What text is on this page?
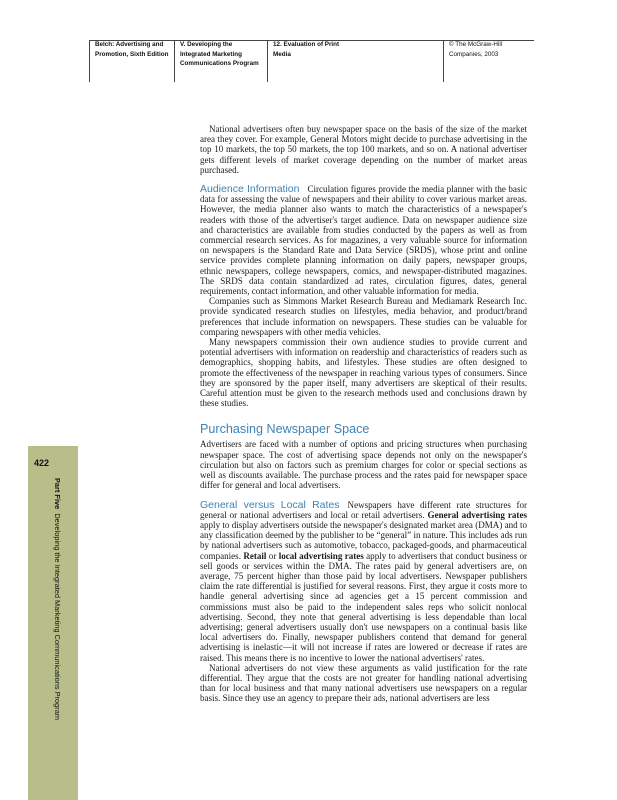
Belch: Advertising and
Promotion, Sixth Edition
V. Developing the
Integrated Marketing
Communications Program
12. Evaluation of Print
Media
© The McGraw-Hill
Companies, 2003
422
Part Five  Developing the Integrated Marketing Communications Program

National advertisers often buy newspaper space on the basis of the size of the market area they cover. For example, General Motors might decide to purchase advertising in the top 10 markets, the top 50 markets, the top 100 markets, and so on. A national advertiser gets different levels of market coverage depending on the number of market areas purchased.

Audience Information Circulation figures provide the media planner with the basic data for assessing the value of newspapers and their ability to cover various market areas. However, the media planner also wants to match the characteristics of a newspaper's readers with those of the advertiser's target audience. Data on newspaper audience size and characteristics are available from studies conducted by the papers as well as from commercial research services. As for magazines, a very valuable source for information on newspapers is the Standard Rate and Data Service (SRDS), whose print and online service provides complete planning information on daily papers, newspaper groups, ethnic newspapers, college newspapers, comics, and newspaper-distributed magazines. The SRDS data contain standardized ad rates, circulation figures, dates, general requirements, contact information, and other valuable information for media.

Companies such as Simmons Market Research Bureau and Mediamark Research Inc. provide syndicated research studies on lifestyles, media behavior, and product/brand preferences that include information on newspapers. These studies can be valuable for comparing newspapers with other media vehicles.

Many newspapers commission their own audience studies to provide current and potential advertisers with information on readership and characteristics of readers such as demographics, shopping habits, and lifestyles. These studies are often designed to promote the effectiveness of the newspaper in reaching various types of consumers. Since they are sponsored by the paper itself, many advertisers are skeptical of their results. Careful attention must be given to the research methods used and conclusions drawn by these studies.

Purchasing Newspaper Space

Advertisers are faced with a number of options and pricing structures when purchasing newspaper space. The cost of advertising space depends not only on the newspaper's circulation but also on factors such as premium charges for color or special sections as well as discounts available. The purchase process and the rates paid for newspaper space differ for general and local advertisers.

General versus Local Rates Newspapers have different rate structures for general or national advertisers and local or retail advertisers. General advertising rates apply to display advertisers outside the newspaper's designated market area (DMA) and to any classification deemed by the publisher to be “general” in nature. This includes ads run by national advertisers such as automotive, tobacco, packaged-goods, and pharmaceutical companies. Retail or local advertising rates apply to advertisers that conduct business or sell goods or services within the DMA. The rates paid by general advertisers are, on average, 75 percent higher than those paid by local advertisers. Newspaper publishers claim the rate differential is justified for several reasons. First, they argue it costs more to handle general advertising since ad agencies get a 15 percent commission and commissions must also be paid to the independent sales reps who solicit nonlocal advertising. Second, they note that general advertising is less dependable than local advertising; general advertisers usually don't use newspapers on a continual basis like local advertisers do. Finally, newspaper publishers contend that demand for general advertising is inelastic—it will not increase if rates are lowered or decrease if rates are raised. This means there is no incentive to lower the national advertisers' rates.

National advertisers do not view these arguments as valid justification for the rate differential. They argue that the costs are not greater for handling national advertising than for local business and that many national advertisers use newspapers on a regular basis. Since they use an agency to prepare their ads, national advertisers are less
